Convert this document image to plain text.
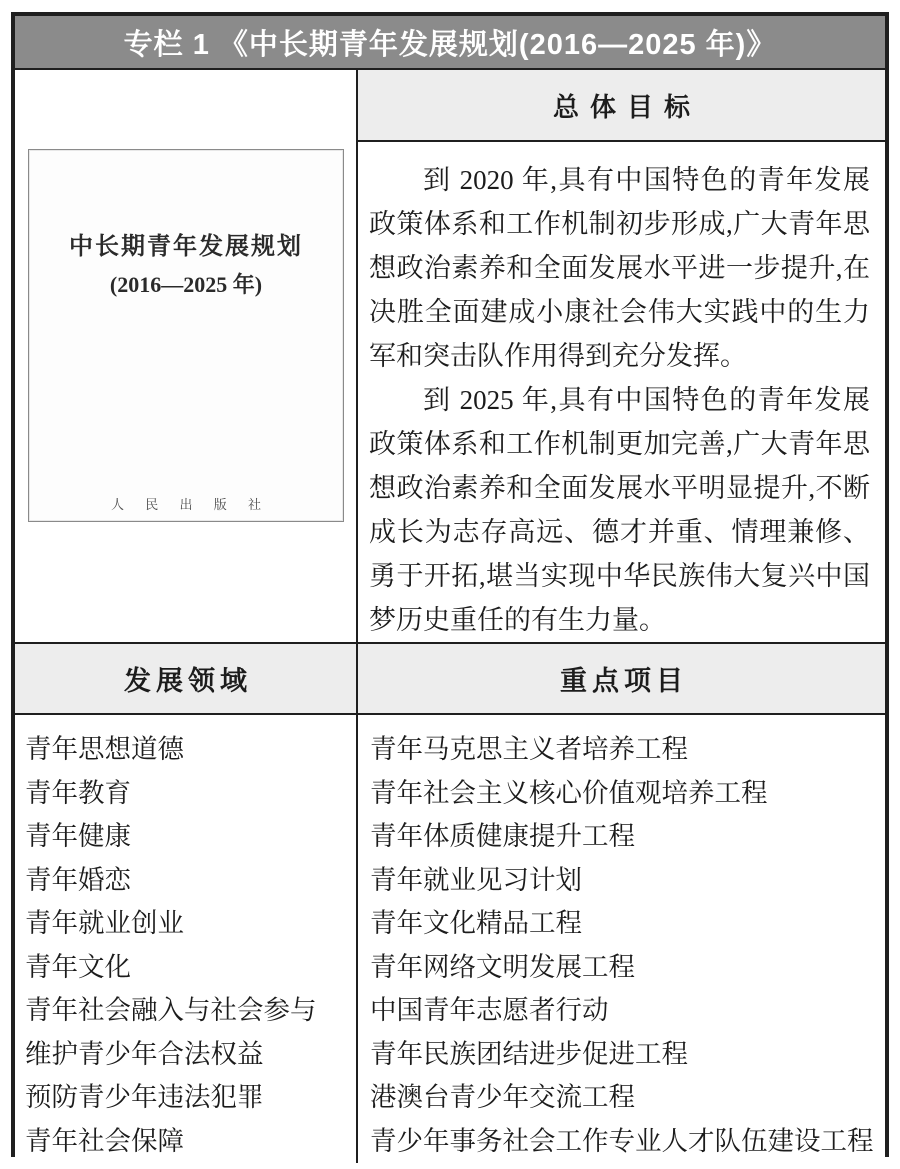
专栏 1 《中长期青年发展规划(2016—2025 年)》
中长期青年发展规划
(2016—2025 年)
人 民 出 版 社
总体目标

到 2020 年,具有中国特色的青年发展政策体系和工作机制初步形成,广大青年思想政治素养和全面发展水平进一步提升,在决胜全面建成小康社会伟大实践中的生力军和突击队作用得到充分发挥。

到 2025 年,具有中国特色的青年发展政策体系和工作机制更加完善,广大青年思想政治素养和全面发展水平明显提升,不断成长为志存高远、德才并重、情理兼修、勇于开拓,堪当实现中华民族伟大复兴中国梦历史重任的有生力量。

发展领域	重点项目
青年思想道德
青年教育
青年健康
青年婚恋
青年就业创业
青年文化
青年社会融入与社会参与
维护青少年合法权益
预防青少年违法犯罪
青年社会保障
青年马克思主义者培养工程
青年社会主义核心价值观培养工程
青年体质健康提升工程
青年就业见习计划
青年文化精品工程
青年网络文明发展工程
中国青年志愿者行动
青年民族团结进步促进工程
港澳台青少年交流工程
青少年事务社会工作专业人才队伍建设工程
